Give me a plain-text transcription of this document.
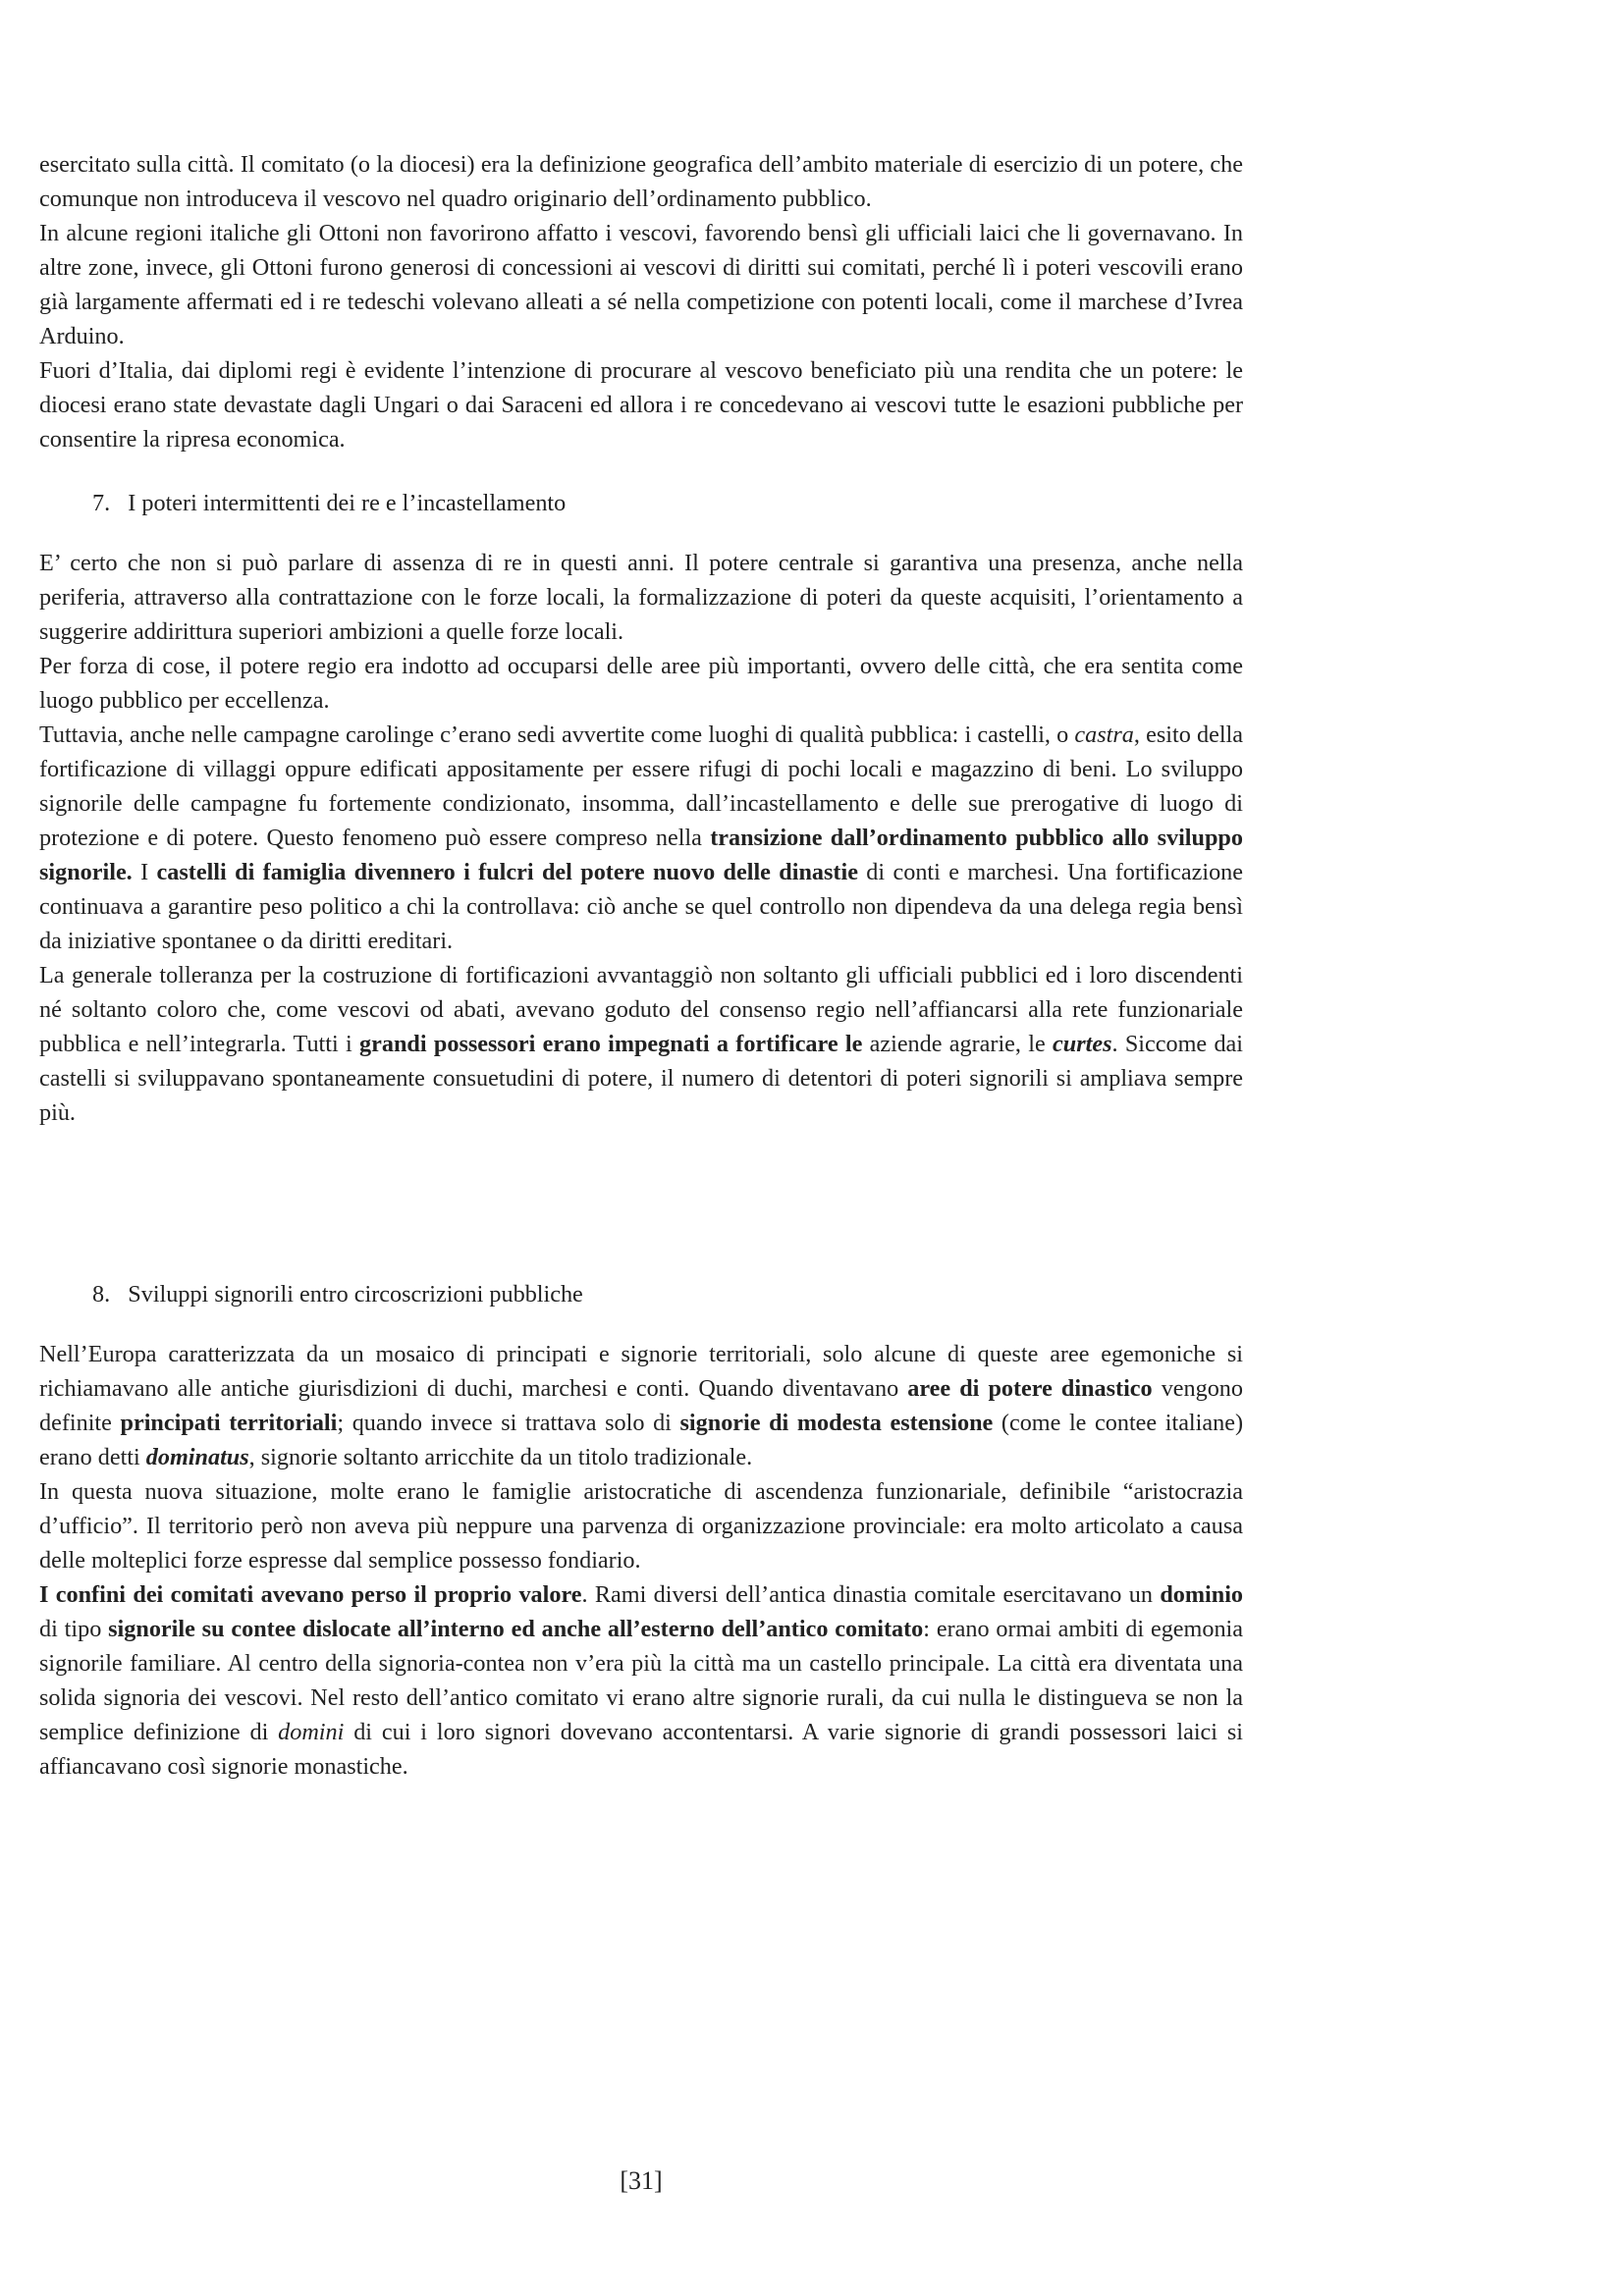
esercitato sulla città. Il comitato (o la diocesi) era la definizione geografica dell’ambito materiale di esercizio di un potere, che comunque non introduceva il vescovo nel quadro originario dell’ordinamento pubblico.

In alcune regioni italiche gli Ottoni non favorirono affatto i vescovi, favorendo bensì gli ufficiali laici che li governavano. In altre zone, invece, gli Ottoni furono generosi di concessioni ai vescovi di diritti sui comitati, perché lì i poteri vescovili erano già largamente affermati ed i re tedeschi volevano alleati a sé nella competizione con potenti locali, come il marchese d’Ivrea Arduino.

Fuori d’Italia, dai diplomi regi è evidente l’intenzione di procurare al vescovo beneficiato più una rendita che un potere: le diocesi erano state devastate dagli Ungari o dai Saraceni ed allora i re concedevano ai vescovi tutte le esazioni pubbliche per consentire la ripresa economica.

7.   I poteri intermittenti dei re e l’incastellamento

E’ certo che non si può parlare di assenza di re in questi anni. Il potere centrale si garantiva una presenza, anche nella periferia, attraverso alla contrattazione con le forze locali, la formalizzazione di poteri da queste acquisiti, l’orientamento a suggerire addirittura superiori ambizioni a quelle forze locali.

Per forza di cose, il potere regio era indotto ad occuparsi delle aree più importanti, ovvero delle città, che era sentita come luogo pubblico per eccellenza.

Tuttavia, anche nelle campagne carolinge c’erano sedi avvertite come luoghi di qualità pubblica: i castelli, o castra, esito della fortificazione di villaggi oppure edificati appositamente per essere rifugi di pochi locali e magazzino di beni. Lo sviluppo signorile delle campagne fu fortemente condizionato, insomma, dall’incastellamento e delle sue prerogative di luogo di protezione e di potere. Questo fenomeno può essere compreso nella transizione dall’ordinamento pubblico allo sviluppo signorile. I castelli di famiglia divennero i fulcri del potere nuovo delle dinastie di conti e marchesi. Una fortificazione continuava a garantire peso politico a chi la controllava: ciò anche se quel controllo non dipendeva da una delega regia bensì da iniziative spontanee o da diritti ereditari.

La generale tolleranza per la costruzione di fortificazioni avvantaggiò non soltanto gli ufficiali pubblici ed i loro discendenti né soltanto coloro che, come vescovi od abati, avevano goduto del consenso regio nell’affiancarsi alla rete funzionariale pubblica e nell’integrarla. Tutti i grandi possessori erano impegnati a fortificare le aziende agrarie, le curtes. Siccome dai castelli si sviluppavano spontaneamente consuetudini di potere, il numero di detentori di poteri signorili si ampliava sempre più.

8.   Sviluppi signorili entro circoscrizioni pubbliche

Nell’Europa caratterizzata da un mosaico di principati e signorie territoriali, solo alcune di queste aree egemoniche si richiamavano alle antiche giurisdizioni di duchi, marchesi e conti. Quando diventavano aree di potere dinastico vengono definite principati territoriali; quando invece si trattava solo di signorie di modesta estensione (come le contee italiane) erano detti dominatus, signorie soltanto arricchite da un titolo tradizionale.

In questa nuova situazione, molte erano le famiglie aristocratiche di ascendenza funzionariale, definibile “aristocrazia d’ufficio”. Il territorio però non aveva più neppure una parvenza di organizzazione provinciale: era molto articolato a causa delle molteplici forze espresse dal semplice possesso fondiario.

I confini dei comitati avevano perso il proprio valore. Rami diversi dell’antica dinastia comitale esercitavano un dominio di tipo signorile su contee dislocate all’interno ed anche all’esterno dell’antico comitato: erano ormai ambiti di egemonia signorile familiare. Al centro della signoria-contea non v’era più la città ma un castello principale. La città era diventata una solida signoria dei vescovi. Nel resto dell’antico comitato vi erano altre signorie rurali, da cui nulla le distingueva se non la semplice definizione di domini di cui i loro signori dovevano accontentarsi. A varie signorie di grandi possessori laici si affiancavano così signorie monastiche.

[31]
